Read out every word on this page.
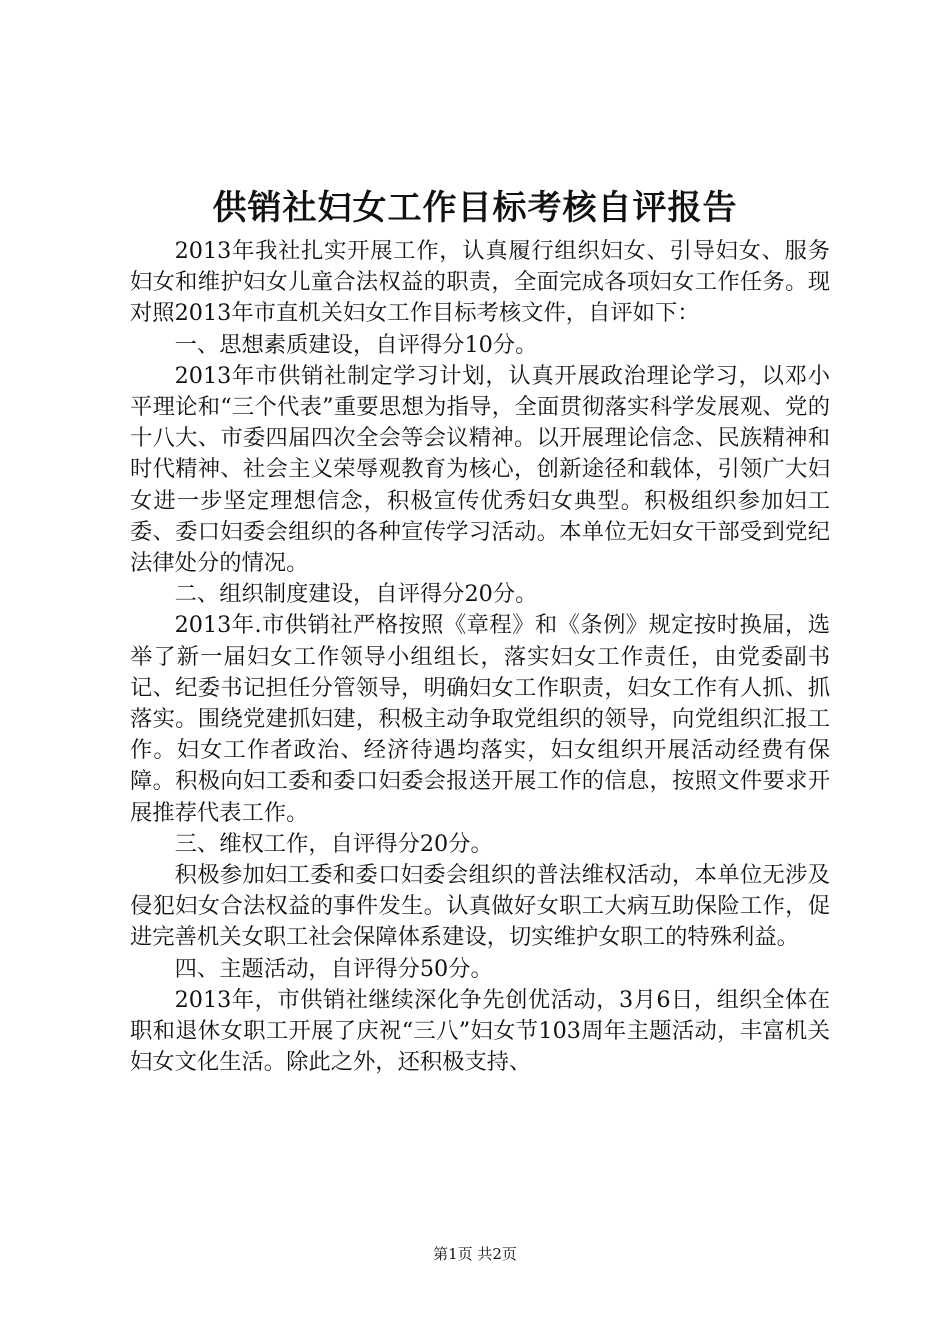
供销社妇女工作目标考核自评报告

2013年我社扎实开展工作，认真履行组织妇女、引导妇女、服务妇女和维护妇女儿童合法权益的职责，全面完成各项妇女工作任务。现对照2013年市直机关妇女工作目标考核文件，自评如下：

一、思想素质建设，自评得分10分。

2013年市供销社制定学习计划，认真开展政治理论学习，以邓小平理论和“三个代表”重要思想为指导，全面贯彻落实科学发展观、党的十八大、市委四届四次全会等会议精神。以开展理论信念、民族精神和时代精神、社会主义荣辱观教育为核心，创新途径和载体，引领广大妇女进一步坚定理想信念，积极宣传优秀妇女典型。积极组织参加妇工委、委口妇委会组织的各种宣传学习活动。本单位无妇女干部受到党纪法律处分的情况。

二、组织制度建设，自评得分20分。

2013年.市供销社严格按照《章程》和《条例》规定按时换届，选举了新一届妇女工作领导小组组长，落实妇女工作责任，由党委副书记、纪委书记担任分管领导，明确妇女工作职责，妇女工作有人抓、抓落实。围绕党建抓妇建，积极主动争取党组织的领导，向党组织汇报工作。妇女工作者政治、经济待遇均落实，妇女组织开展活动经费有保障。积极向妇工委和委口妇委会报送开展工作的信息，按照文件要求开展推荐代表工作。

三、维权工作，自评得分20分。

积极参加妇工委和委口妇委会组织的普法维权活动，本单位无涉及侵犯妇女合法权益的事件发生。认真做好女职工大病互助保险工作，促进完善机关女职工社会保障体系建设，切实维护女职工的特殊利益。

四、主题活动，自评得分50分。

2013年，市供销社继续深化争先创优活动，3月6日，组织全体在职和退休女职工开展了庆祝“三八”妇女节103周年主题活动，丰富机关妇女文化生活。除此之外，还积极支持、

第1页 共2页
